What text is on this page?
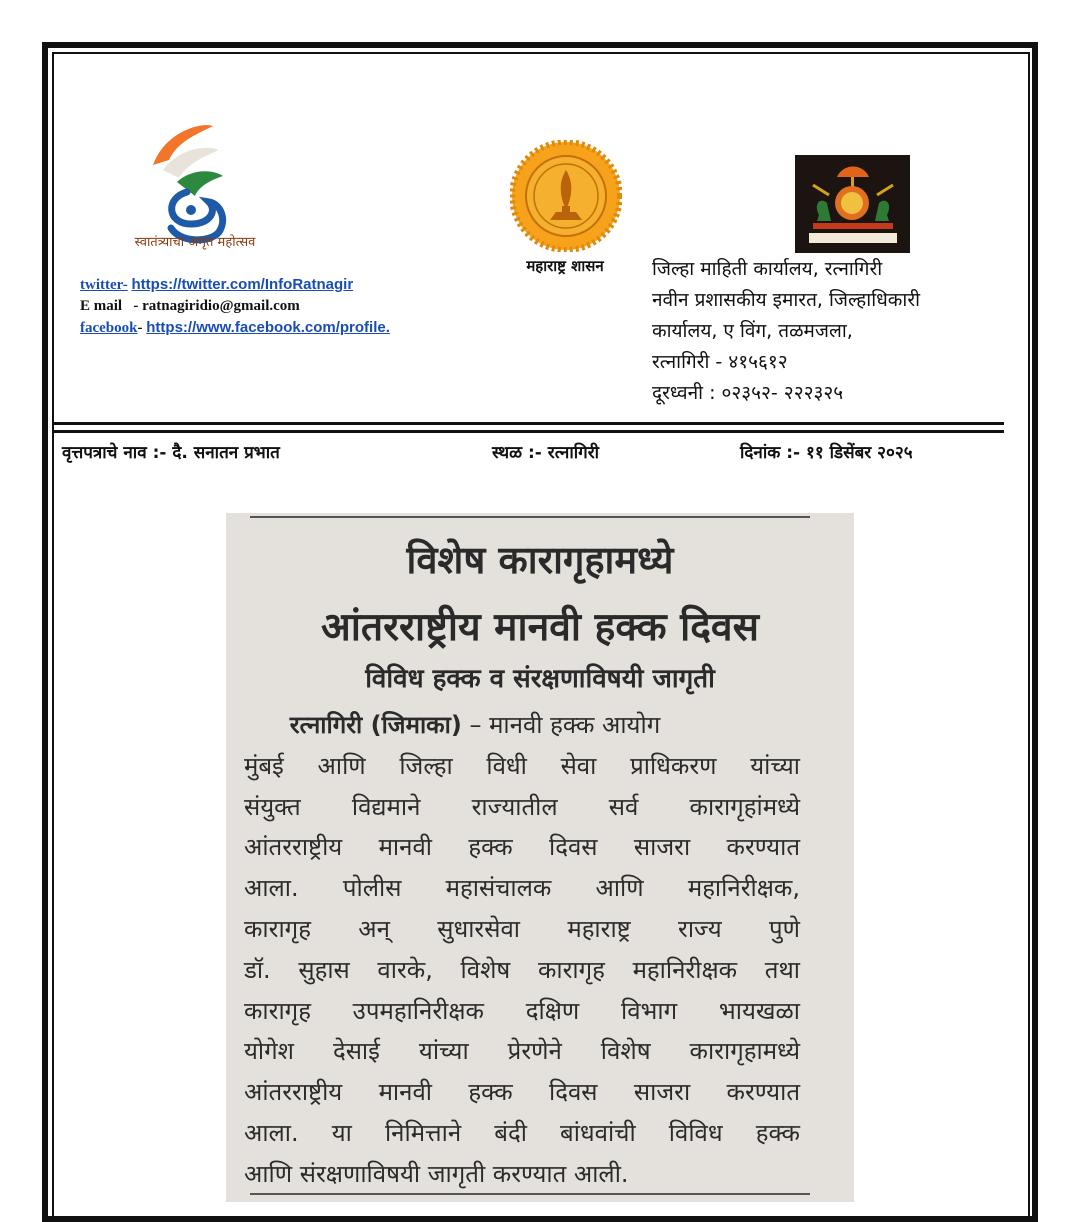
स्वातंत्र्याचा अमृत महोत्सव
महाराष्ट्र शासन
twitter- https://twitter.com/InfoRatnagir
E mail - ratnagiridio@gmail.com
facebook- https://www.facebook.com/profile.
जिल्हा माहिती कार्यालय, रत्नागिरी
नवीन प्रशासकीय इमारत, जिल्हाधिकारी
कार्यालय, ए विंग, तळमजला,
रत्नागिरी - ४१५६१२
दूरध्वनी : ०२३५२- २२२३२५
वृत्तपत्राचे नाव :- दै. सनातन प्रभात	स्थळ :- रत्नागिरी	दिनांक :- ११ डिसेंबर २०२५
विशेष कारागृहामध्ये
आंतरराष्ट्रीय मानवी हक्क दिवस
विविध हक्क व संरक्षणाविषयी जागृती
रत्नागिरी (जिमाका) – मानवी हक्क आयोग
मुंबई आणि जिल्हा विधी सेवा प्राधिकरण यांच्या
संयुक्त विद्यमाने राज्यातील सर्व कारागृहांमध्ये
आंतरराष्ट्रीय मानवी हक्क दिवस साजरा करण्यात
आला. पोलीस महासंचालक आणि महानिरीक्षक,
कारागृह अन् सुधारसेवा महाराष्ट्र राज्य पुणे
डॉ. सुहास वारके, विशेष कारागृह महानिरीक्षक तथा
कारागृह उपमहानिरीक्षक दक्षिण विभाग भायखळा
योगेश देसाई यांच्या प्रेरणेने विशेष कारागृहामध्ये
आंतरराष्ट्रीय मानवी हक्क दिवस साजरा करण्यात
आला. या निमित्ताने बंदी बांधवांची विविध हक्क
आणि संरक्षणाविषयी जागृती करण्यात आली.
